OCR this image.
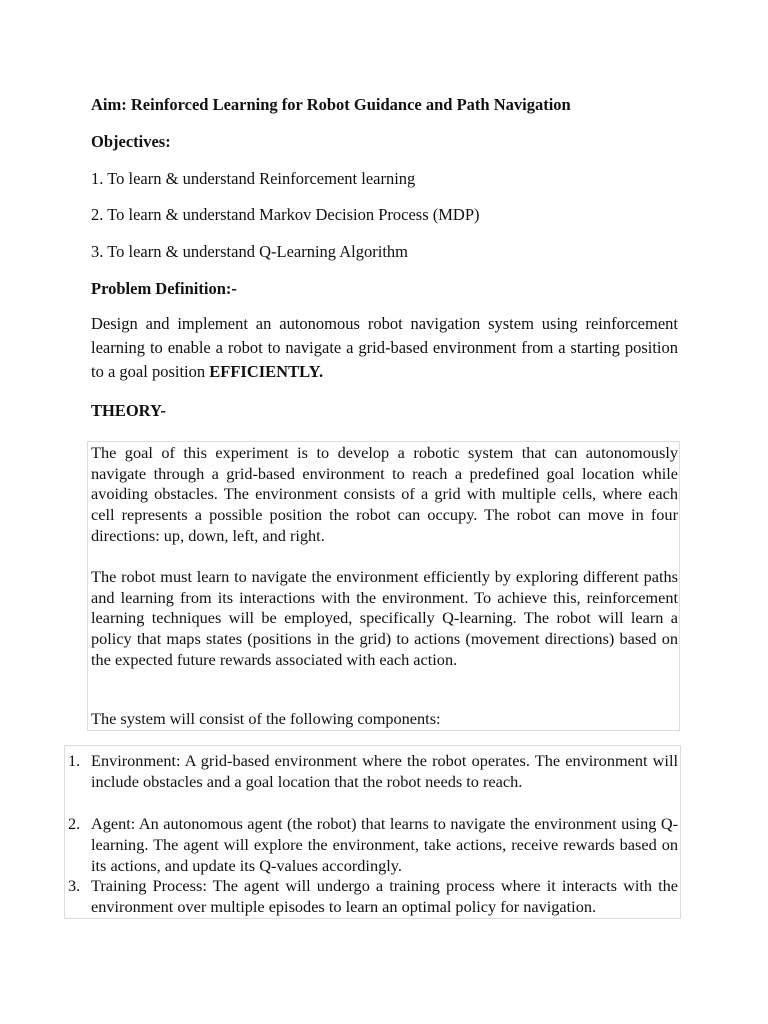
Aim: Reinforced Learning for Robot Guidance and Path Navigation
Objectives:
1. To learn & understand Reinforcement learning
2. To learn & understand Markov Decision Process (MDP)
3. To learn & understand Q-Learning Algorithm
Problem Definition:-

Design and implement an autonomous robot navigation system using reinforcement learning to enable a robot to navigate a grid-based environment from a starting position to a goal position EFFICIENTLY.

THEORY-

The goal of this experiment is to develop a robotic system that can autonomously navigate through a grid-based environment to reach a predefined goal location while avoiding obstacles. The environment consists of a grid with multiple cells, where each cell represents a possible position the robot can occupy. The robot can move in four directions: up, down, left, and right.

The robot must learn to navigate the environment efficiently by exploring different paths and learning from its interactions with the environment. To achieve this, reinforcement learning techniques will be employed, specifically Q-learning. The robot will learn a policy that maps states (positions in the grid) to actions (movement directions) based on the expected future rewards associated with each action.

The system will consist of the following components:

1. Environment: A grid-based environment where the robot operates. The environment will include obstacles and a goal location that the robot needs to reach.
2. Agent: An autonomous agent (the robot) that learns to navigate the environment using Q-learning. The agent will explore the environment, take actions, receive rewards based on its actions, and update its Q-values accordingly.
3. Training Process: The agent will undergo a training process where it interacts with the environment over multiple episodes to learn an optimal policy for navigation.
